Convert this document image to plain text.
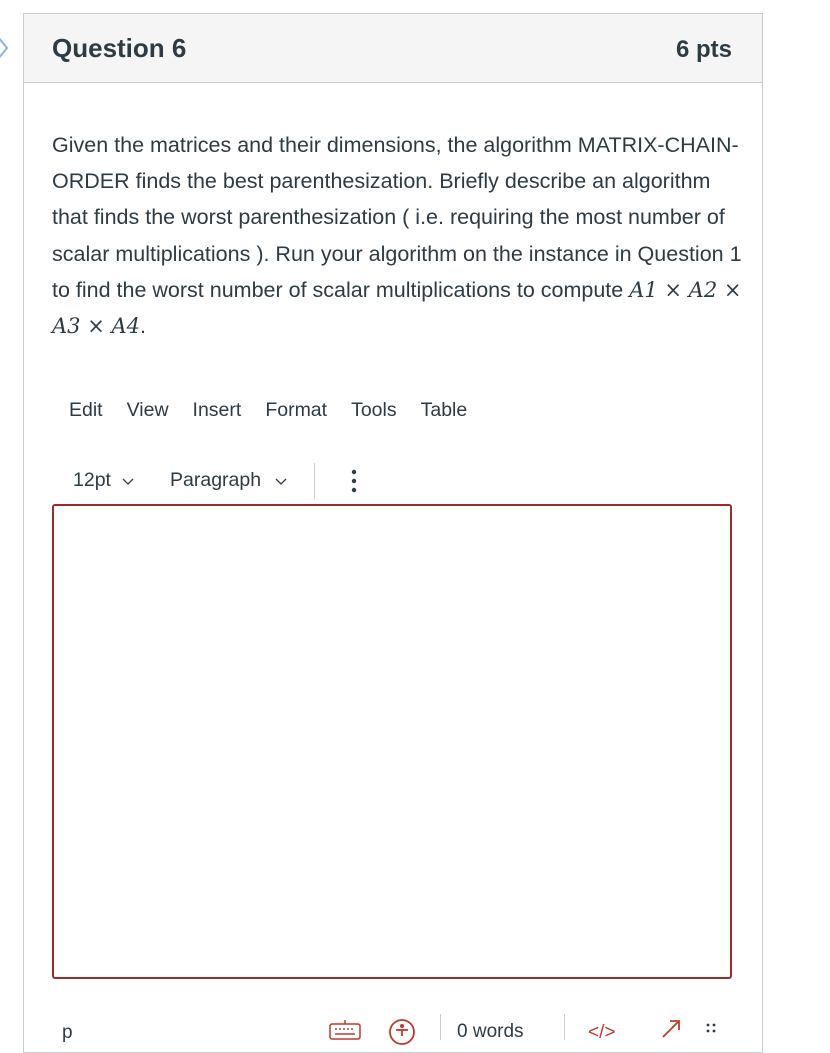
Question 6	6 pts
Given the matrices and their dimensions, the algorithm MATRIX-CHAIN-ORDER finds the best parenthesization. Briefly describe an algorithm that finds the worst parenthesization ( i.e. requiring the most number of scalar multiplications ). Run your algorithm on the instance in Question 1 to find the worst number of scalar multiplications to compute A1 × A2 × A3 × A4.
Edit View Insert Format Tools Table
12pt	Paragraph
p	0 words	</>
